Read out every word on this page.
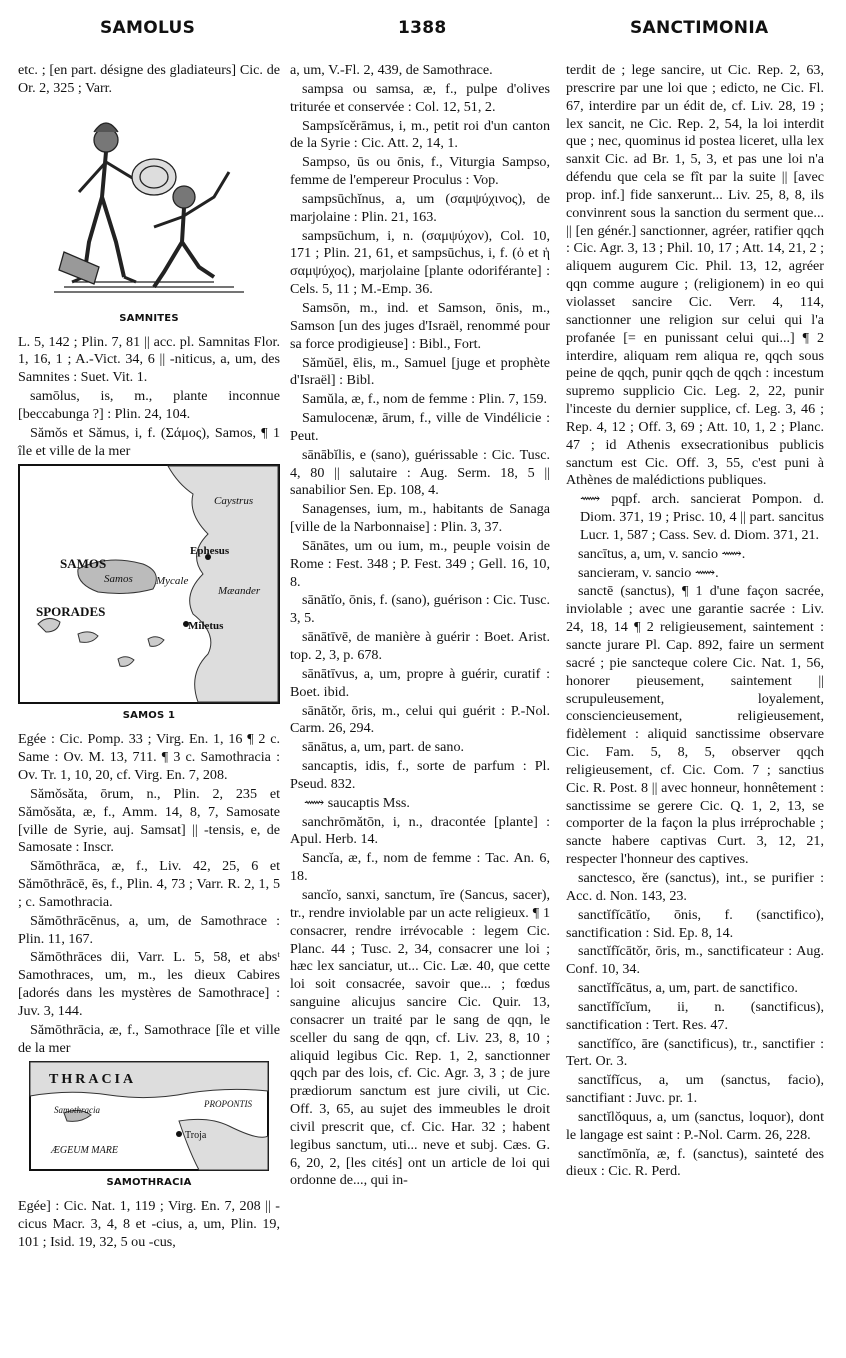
SAMOLUS	1388	SANCTIMONIA

etc. ; [en part. désigne des gladiateurs] Cic. de Or. 2, 325 ; Varr.

SAMNITES

L. 5, 142 ; Plin. 7, 81 || acc. pl. Samnitas Flor. 1, 16, 1 ; A.-Vict. 34, 6 || -niticus, a, um, des Samnites : Suet. Vit. 1.

samōlus, is, m., plante inconnue [beccabunga ?] : Plin. 24, 104.

Sămŏs et Sămus, i, f. (Σάμος), Samos, ¶ 1 île et ville de la mer

Caystrus
Ephesus
SAMOS
Samos Mycale
Mæander
SPORADES
Miletus
SAMOS 1

Egée : Cic. Pomp. 33 ; Virg. En. 1, 16 ¶ 2 c. Same : Ov. M. 13, 711. ¶ 3 c. Samothracia : Ov. Tr. 1, 10, 20, cf. Virg. En. 7, 208.

Sămŏsăta, ōrum, n., Plin. 2, 235 et Sămŏsăta, æ, f., Amm. 14, 8, 7, Samosate [ville de Syrie, auj. Samsat] || -tensis, e, de Samosate : Inscr.

Sămōthrāca, æ, f., Liv. 42, 25, 6 et Sămōthrācē, ēs, f., Plin. 4, 73 ; Varr. R. 2, 1, 5 ; c. Samothracia.

Sămōthrācēnus, a, um, de Samothrace : Plin. 11, 167.

Sămōthrāces dii, Varr. L. 5, 58, et absᵗ Samothraces, um, m., les dieux Cabires [adorés dans les mystères de Samothrace] : Juv. 3, 144.

Sămōthrācia, æ, f., Samothrace [île et ville de la mer

THRACIA
Samothracia
PROPONTIS
Troja
ÆGEUM MARE
SAMOTHRACIA

Egée] : Cic. Nat. 1, 119 ; Virg. En. 7, 208 || -cicus Macr. 3, 4, 8 et -cius, a, um, Plin. 19, 101 ; Isid. 19, 32, 5 ou -cus,

a, um, V.-Fl. 2, 439, de Samothrace.

sampsa ou samsa, æ, f., pulpe d'olives triturée et conservée : Col. 12, 51, 2.

Sampsĭcĕrāmus, i, m., petit roi d'un canton de la Syrie : Cic. Att. 2, 14, 1.

Sampso, ūs ou ōnis, f., Viturgia Sampso, femme de l'empereur Proculus : Vop.

sampsūchĭnus, a, um (σαμψύχινος), de marjolaine : Plin. 21, 163.

sampsūchum, i, n. (σαμψύχον), Col. 10, 171 ; Plin. 21, 61, et sampsūchus, i, f. (ὁ et ἡ σαμψύχος), marjolaine [plante odoriférante] : Cels. 5, 11 ; M.-Emp. 36.

Samsōn, m., ind. et Samson, ōnis, m., Samson [un des juges d'Israël, renommé pour sa force prodigieuse] : Bibl., Fort.

Sămŭēl, ēlis, m., Samuel [juge et prophète d'Israël] : Bibl.

Samŭla, æ, f., nom de femme : Plin. 7, 159.

Samulocenæ, ārum, f., ville de Vindélicie : Peut.

sānābĭlis, e (sano), guérissable : Cic. Tusc. 4, 80 || salutaire : Aug. Serm. 18, 5 || sanabilior Sen. Ep. 108, 4.

Sanagenses, ium, m., habitants de Sanaga [ville de la Narbonnaise] : Plin. 3, 37.

Sānātes, um ou ium, m., peuple voisin de Rome : Fest. 348 ; P. Fest. 349 ; Gell. 16, 10, 8.

sānātĭo, ōnis, f. (sano), guérison : Cic. Tusc. 3, 5.

sānātīvē, de manière à guérir : Boet. Arist. top. 2, 3, p. 678.

sānātīvus, a, um, propre à guérir, curatif : Boet. ibid.

sānātŏr, ōris, m., celui qui guérit : P.-Nol. Carm. 26, 294.

sānātus, a, um, part. de sano.

sancaptis, idis, f., sorte de parfum : Pl. Pseud. 832.

⟿ saucaptis Mss.

sanchrōmătōn, i, n., dracontée [plante] : Apul. Herb. 14.

Sancĭa, æ, f., nom de femme : Tac. An. 6, 18.

sancĭo, sanxi, sanctum, īre (Sancus, sacer), tr., rendre inviolable par un acte religieux. ¶ 1 consacrer, rendre irrévocable : legem Cic. Planc. 44 ; Tusc. 2, 34, consacrer une loi ; hæc lex sanciatur, ut... Cic. Læ. 40, que cette loi soit consacrée, savoir que... ; fœdus sanguine alicujus sancire Cic. Quir. 13, consacrer un traité par le sang de qqn, le sceller du sang de qqn, cf. Liv. 23, 8, 10 ; aliquid legibus Cic. Rep. 1, 2, sanctionner qqch par des lois, cf. Cic. Agr. 3, 3 ; de jure prædiorum sanctum est jure civili, ut Cic. Off. 3, 65, au sujet des immeubles le droit civil prescrit que, cf. Cic. Har. 32 ; habent legibus sanctum, uti... neve et subj. Cæs. G. 6, 20, 2, [les cités] ont un article de loi qui ordonne de..., qui in-

terdit de ; lege sancire, ut Cic. Rep. 2, 63, prescrire par une loi que ; edicto, ne Cic. Fl. 67, interdire par un édit de, cf. Liv. 28, 19 ; lex sancit, ne Cic. Rep. 2, 54, la loi interdit que ; nec, quominus id postea liceret, ulla lex sanxit Cic. ad Br. 1, 5, 3, et pas une loi n'a défendu que cela se fît par la suite || [avec prop. inf.] fide sanxerunt... Liv. 25, 8, 8, ils convinrent sous la sanction du serment que... || [en génér.] sanctionner, agréer, ratifier qqch : Cic. Agr. 3, 13 ; Phil. 10, 17 ; Att. 14, 21, 2 ; aliquem augurem Cic. Phil. 13, 12, agréer qqn comme augure ; (religionem) in eo qui violasset sancire Cic. Verr. 4, 114, sanctionner une religion sur celui qui l'a profanée [= en punissant celui qui...] ¶ 2 interdire, aliquam rem aliqua re, qqch sous peine de qqch, punir qqch de qqch : incestum supremo supplicio Cic. Leg. 2, 22, punir l'inceste du dernier supplice, cf. Leg. 3, 46 ; Rep. 4, 12 ; Off. 3, 69 ; Att. 10, 1, 2 ; Planc. 47 ; id Athenis exsecrationibus publicis sanctum est Cic. Off. 3, 55, c'est puni à Athènes de malédictions publiques.

⟿ pqpf. arch. sancierat Pompon. d. Diom. 371, 19 ; Prisc. 10, 4 || part. sancitus Lucr. 1, 587 ; Cass. Sev. d. Diom. 371, 21.

sancītus, a, um, v. sancio ⟿.

sancieram, v. sancio ⟿.

sanctē (sanctus), ¶ 1 d'une façon sacrée, inviolable ; avec une garantie sacrée : Liv. 24, 18, 14 ¶ 2 religieusement, saintement : sancte jurare Pl. Cap. 892, faire un serment sacré ; pie sancteque colere Cic. Nat. 1, 56, honorer pieusement, saintement || scrupuleusement, loyalement, consciencieusement, religieusement, fidèlement : aliquid sanctissime observare Cic. Fam. 5, 8, 5, observer qqch religieusement, cf. Cic. Com. 7 ; sanctius Cic. R. Post. 8 || avec honneur, honnêtement : sanctissime se gerere Cic. Q. 1, 2, 13, se comporter de la façon la plus irréprochable ; sancte habere captivas Curt. 3, 12, 21, respecter l'honneur des captives.

sanctesco, ĕre (sanctus), int., se purifier : Acc. d. Non. 143, 23.

sanctĭfĭcātĭo, ōnis, f. (sanctifico), sanctification : Sid. Ep. 8, 14.

sanctĭfĭcātŏr, ōris, m., sanctificateur : Aug. Conf. 10, 34.

sanctĭfĭcātus, a, um, part. de sanctifico.

sanctĭfĭcĭum, ii, n. (sanctificus), sanctification : Tert. Res. 47.

sanctĭfĭco, āre (sanctificus), tr., sanctifier : Tert. Or. 3.

sanctĭfĭcus, a, um (sanctus, facio), sanctifiant : Juvc. pr. 1.

sanctĭlŏquus, a, um (sanctus, loquor), dont le langage est saint : P.-Nol. Carm. 26, 228.

sanctĭmōnĭa, æ, f. (sanctus), sainteté des dieux : Cic. R. Perd.
